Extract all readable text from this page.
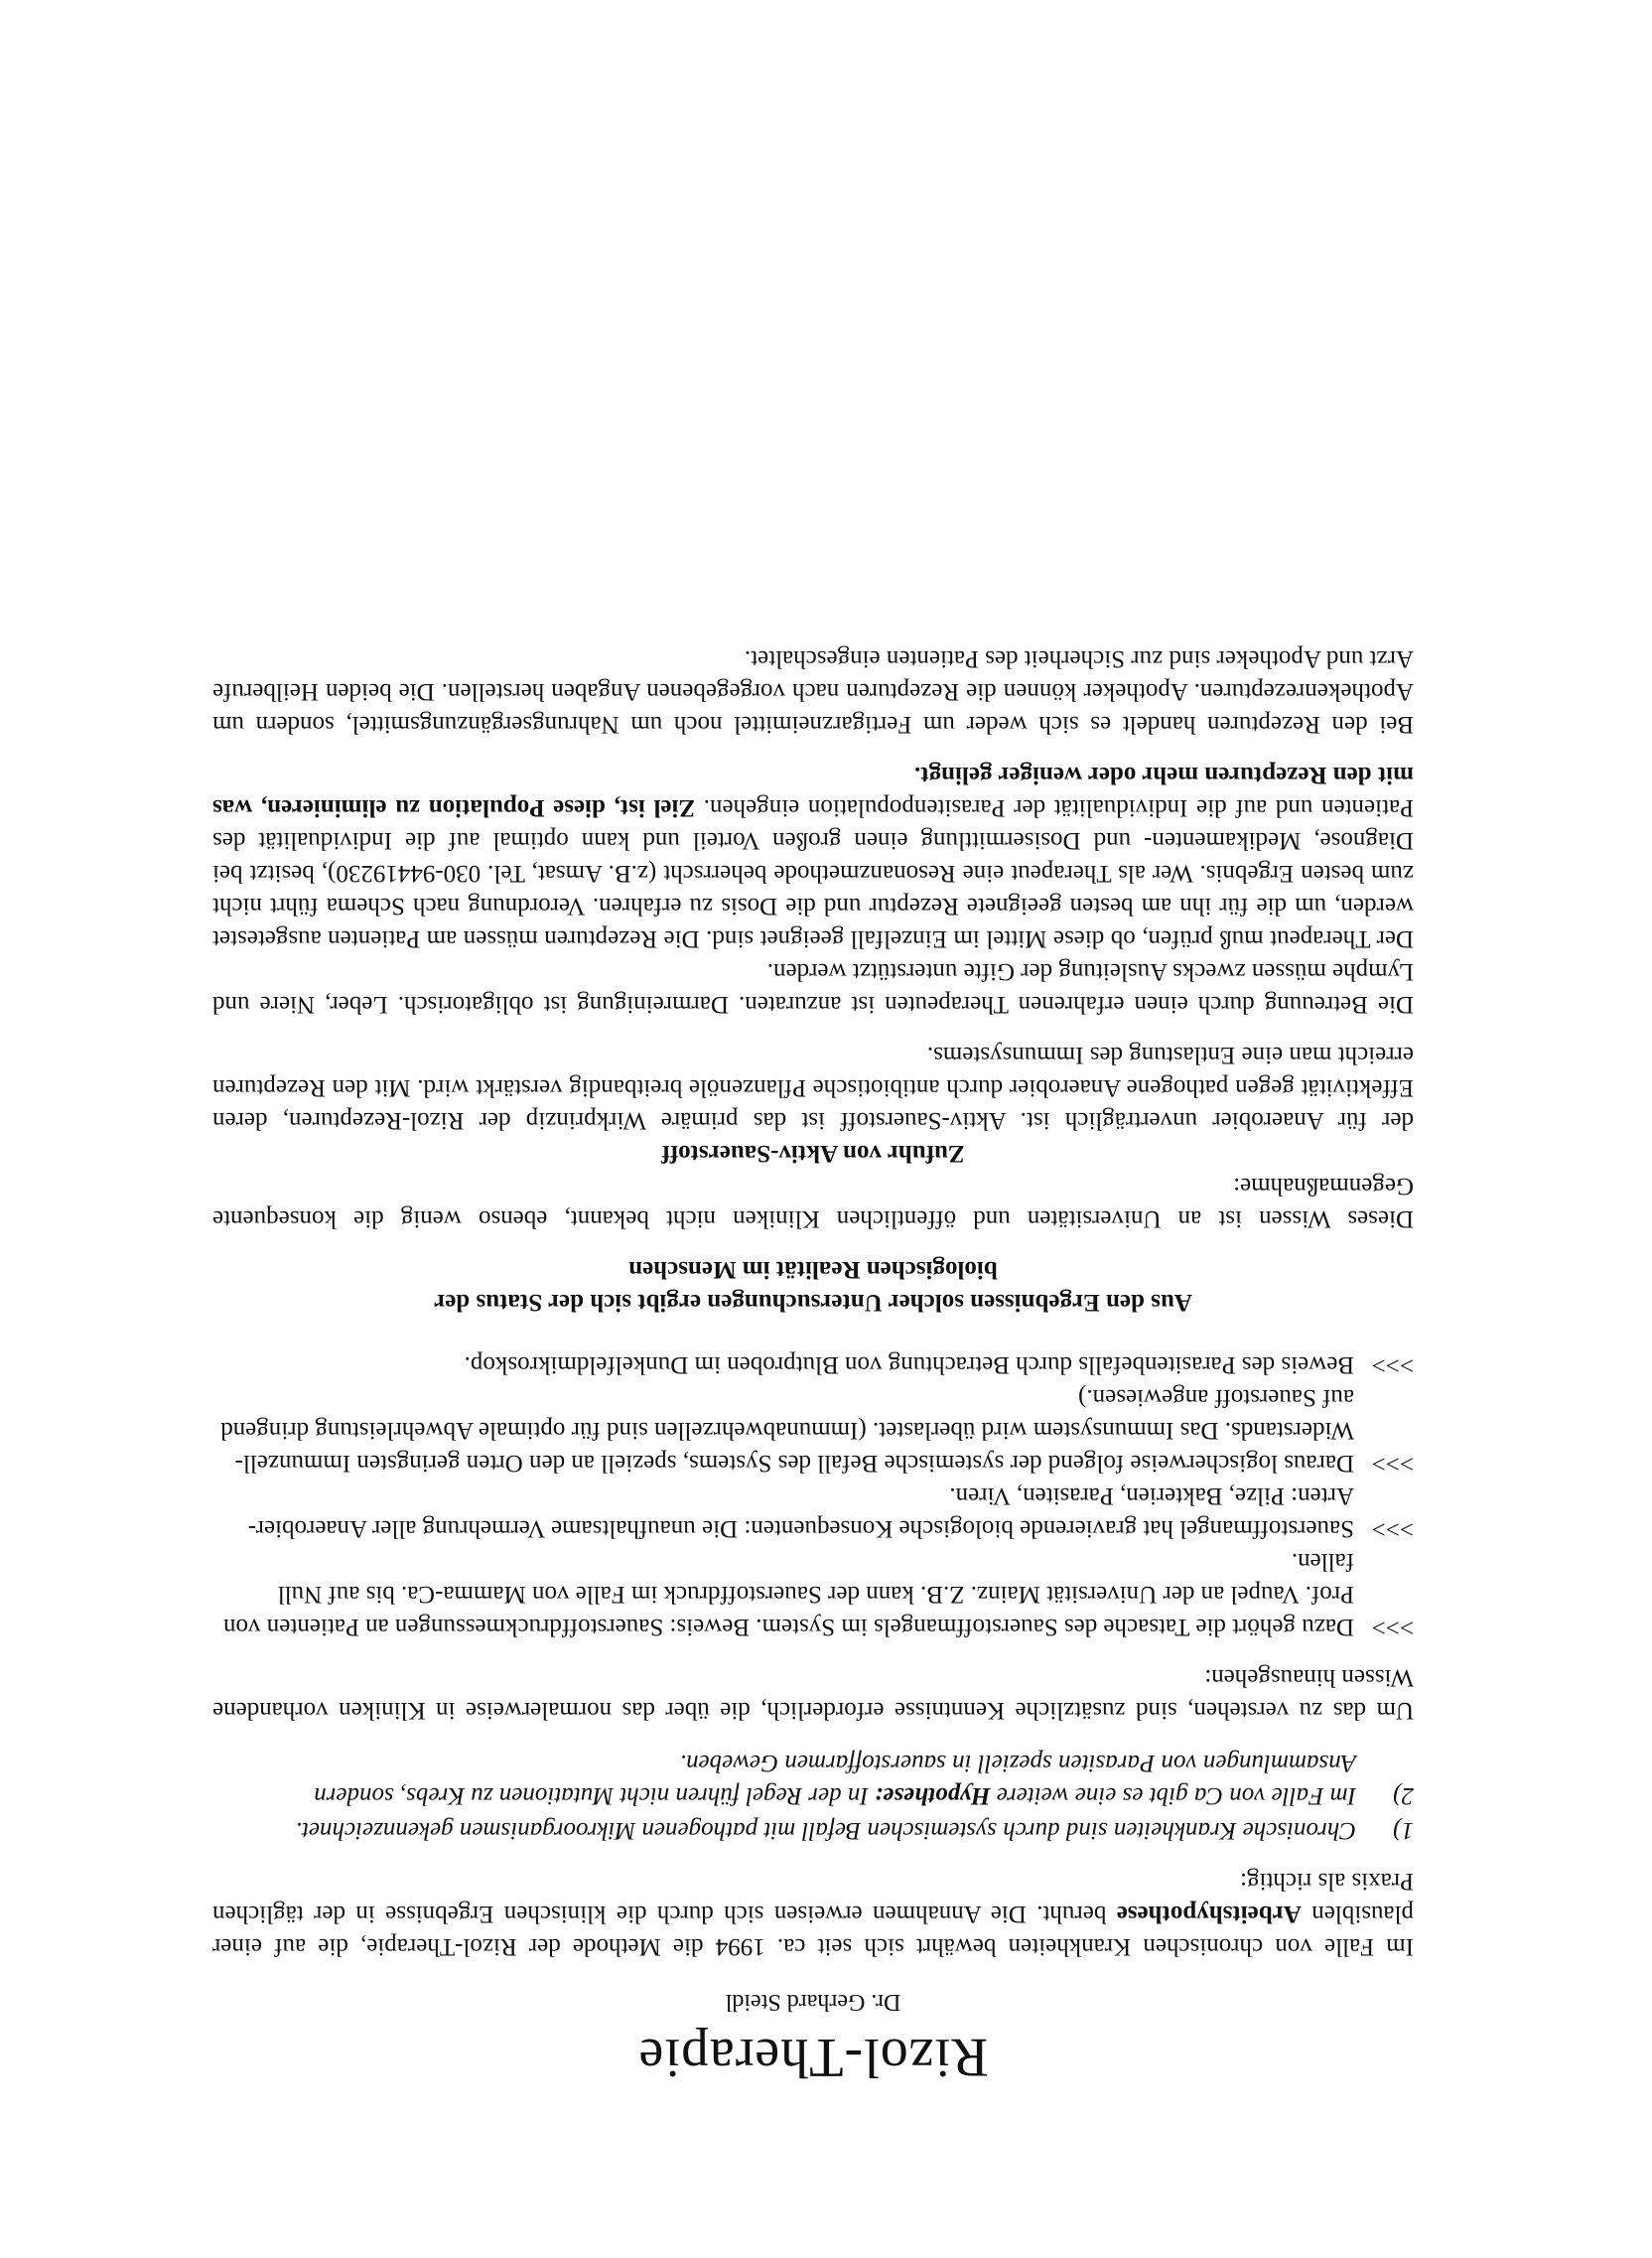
Rizol-Therapie
Dr. Gerhard Steidl

Im Falle von chronischen Krankheiten bewährt sich seit ca. 1994 die Methode der Rizol-Therapie, die auf einer plausiblen Arbeitshypothese beruht. Die Annahmen erweisen sich durch die klinischen Ergebnisse in der täglichen Praxis als richtig:

1)
Chronische Krankheiten sind durch systemischen Befall mit pathogenen Mikroorganismen gekennzeichnet.
2)
Im Falle von Ca gibt es eine weitere Hypothese: In der Regel führen nicht Mutationen zu Krebs, sondern Ansammlungen von Parasiten speziell in sauerstoffarmen Geweben.

Um das zu verstehen, sind zusätzliche Kenntnisse erforderlich, die über das normalerweise in Kliniken vorhandene Wissen hinausgehen:

>>>
Dazu gehört die Tatsache des Sauerstoffmangels im System. Beweis: Sauerstoffdruckmessungen an Patienten von Prof. Vaupel an der Universität Mainz. Z.B. kann der Sauerstoffdruck im Falle von Mamma-Ca. bis auf Null fallen.
>>>
Sauerstoffmangel hat gravierende biologische Konsequenten: Die unaufhaltsame Vermehrung aller Anaerobier-Arten: Pilze, Bakterien, Parasiten, Viren.
>>>
Daraus logischerweise folgend der systemische Befall des Systems, speziell an den Orten geringsten Immunzell-Widerstands. Das Immunsystem wird überlastet. (Immunabwehrzellen sind für optimale Abwehrleistung dringend auf Sauerstoff angewiesen.)
>>>
Beweis des Parasitenbefalls durch Betrachtung von Blutproben im Dunkelfeldmikroskop.
Aus den Ergebnissen solcher Untersuchungen ergibt sich der Status der
biologischen Realität im Menschen

Dieses Wissen ist an Universitäten und öffentlichen Kliniken nicht bekannt, ebenso wenig die konsequente Gegenmaßnahme:

Zufuhr von Aktiv-Sauerstoff

der für Anaerobier unverträglich ist. Aktiv-Sauerstoff ist das primäre Wirkprinzip der Rizol-Rezepturen, deren Effektivität gegen pathogene Anaerobier durch antibiotische Pflanzenöle breitbandig verstärkt wird. Mit den Rezepturen erreicht man eine Entlastung des Immunsystems.

Die Betreuung durch einen erfahrenen Therapeuten ist anzuraten. Darmreinigung ist obligatorisch. Leber, Niere und Lymphe müssen zwecks Ausleitung der Gifte unterstützt werden.

Der Therapeut muß prüfen, ob diese Mittel im Einzelfall geeignet sind. Die Rezepturen müssen am Patienten ausgetestet werden, um die für ihn am besten geeignete Rezeptur und die Dosis zu erfahren. Verordnung nach Schema führt nicht zum besten Ergebnis. Wer als Therapeut eine Resonanzmethode beherrscht (z.B. Amsat, Tel. 030-94419230), besitzt bei Diagnose, Medikamenten- und Dosisermittlung einen großen Vorteil und kann optimal auf die Individualität des Patienten und auf die Individualität der Parasitenpopulation eingehen. Ziel ist, diese Population zu eliminieren, was mit den Rezepturen mehr oder weniger gelingt.

Bei den Rezepturen handelt es sich weder um Fertigarzneimittel noch um Nahrungsergänzungsmittel, sondern um Apothekenrezepturen. Apotheker können die Rezepturen nach vorgegebenen Angaben herstellen. Die beiden Heilberufe Arzt und Apotheker sind zur Sicherheit des Patienten eingeschaltet.
